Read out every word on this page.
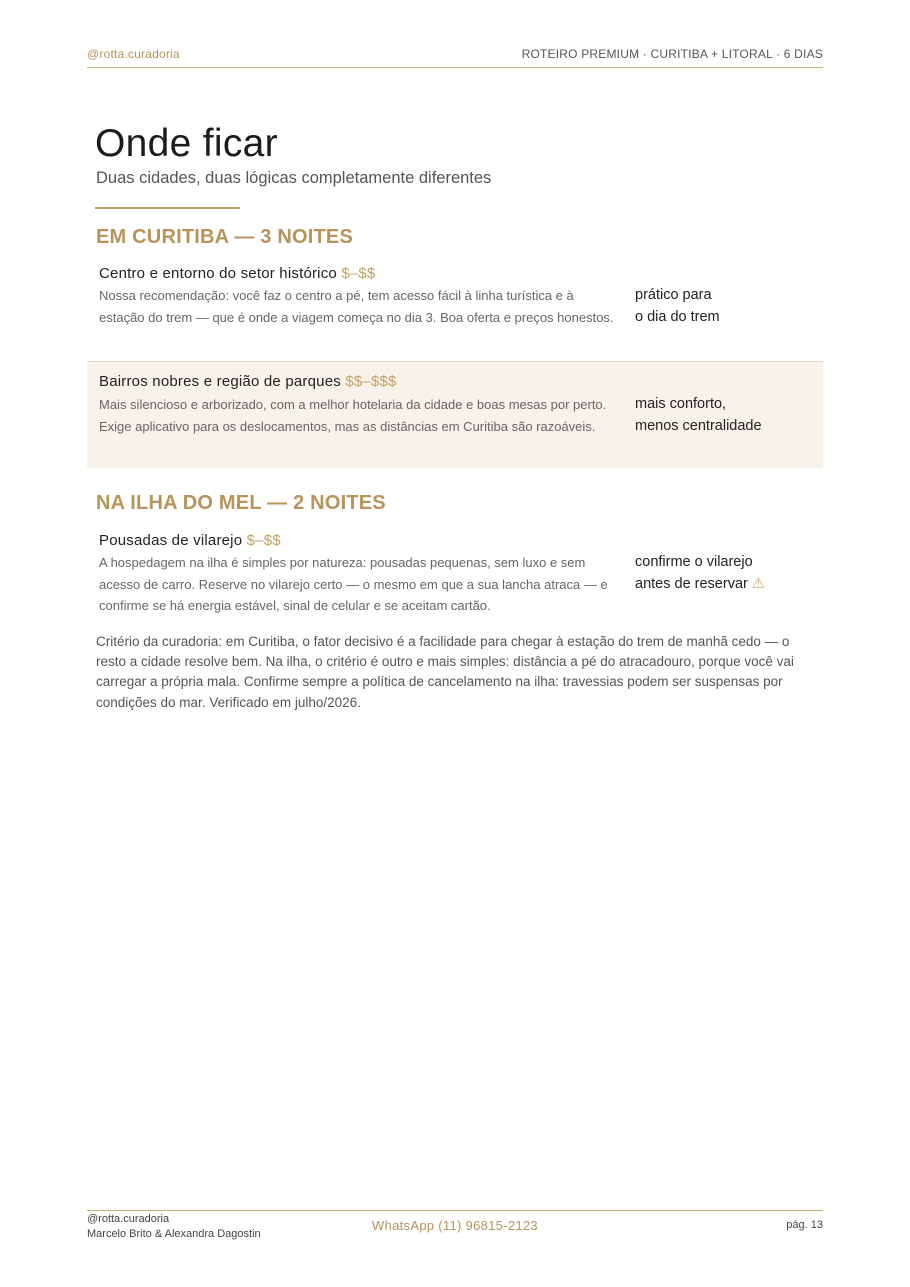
@rotta.curadoria	ROTEIRO PREMIUM · CURITIBA + LITORAL · 6 DIAS
Onde ficar
Duas cidades, duas lógicas completamente diferentes
EM CURITIBA — 3 NOITES
Centro e entorno do setor histórico $–$$
Nossa recomendação: você faz o centro a pé, tem acesso fácil à linha turística e à estação do trem — que é onde a viagem começa no dia 3. Boa oferta e preços honestos.
prático para
o dia do trem
Bairros nobres e região de parques $$–$$$
Mais silencioso e arborizado, com a melhor hotelaria da cidade e boas mesas por perto. Exige aplicativo para os deslocamentos, mas as distâncias em Curitiba são razoáveis.
mais conforto,
menos centralidade
NA ILHA DO MEL — 2 NOITES
Pousadas de vilarejo $–$$
A hospedagem na ilha é simples por natureza: pousadas pequenas, sem luxo e sem acesso de carro. Reserve no vilarejo certo — o mesmo em que a sua lancha atraca — e confirme se há energia estável, sinal de celular e se aceitam cartão.
confirme o vilarejo
antes de reservar ⚠

Critério da curadoria: em Curitiba, o fator decisivo é a facilidade para chegar à estação do trem de manhã cedo — o resto a cidade resolve bem. Na ilha, o critério é outro e mais simples: distância a pé do atracadouro, porque você vai carregar a própria mala. Confirme sempre a política de cancelamento na ilha: travessias podem ser suspensas por condições do mar. Verificado em julho/2026.

@rotta.curadoria
Marcelo Brito & Alexandra Dagostin
WhatsApp (11) 96815-2123	pág. 13
